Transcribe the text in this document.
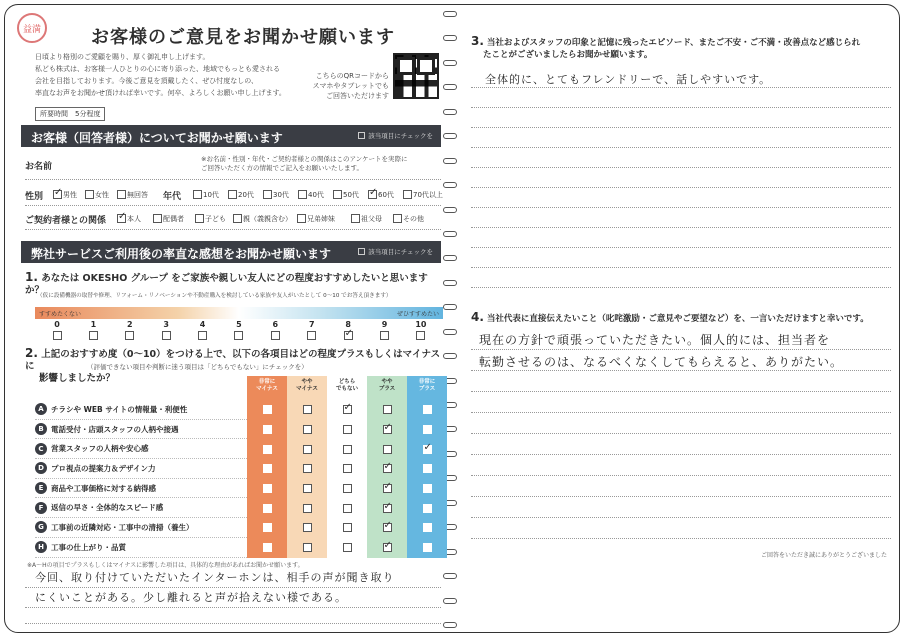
益満	お客様のご意見をお聞かせ願います
日頃より格別のご愛顧を賜り、厚く御礼申し上げます。
私ども株式は、お客様一人ひとりの心に寄り添った、地域でもっとも愛される
会社を目指しております。今後ご意見を頂戴したく、ぜひ忖度なしの、
率直なお声をお聞かせ頂ければ幸いです。何卒、よろしくお願い申し上げます。
所要時間　5分程度
こちらのQRコードから
スマホやタブレットでも
ご回答いただけます
お客様（回答者様）についてお聞かせ願います	該当項目にチェックを
お名前
※お名前・性別・年代・ご契約者様との関係はこのアンケートを実際に
ご回答いただく方の情報でご記入をお願いいたします。
性別	年代
ご契約者様との関係
弊社サービスご利用後の率直な感想をお聞かせ願います	該当項目にチェックを
1. あなたは OKESHO グループ をご家族や親しい友人にどの程度おすすめしたいと思いますか？
（仮に設備機器の取替や修理、リフォーム・リノベーションや不動産購入を検討している家族や友人がいたとして 0〜10 でお答え頂きます）
すすめたくない	ぜひすすめたい
0	1	2	3	4	5	6	7	8
✓	9	10
2. 上記のおすすめ度（0〜10）をつける上で、以下の各項目はどの程度プラスもしくはマイナスに
影響しましたか？
（評価できない項目や判断に迷う項目は「どちらでもない」にチェックを）
非常に
マイナス
やや
マイナス
どちら
でもない
やや
プラス
非常に
プラス
A チラシや WEB サイトの情報量・利便性
✓
B 電話受付・店頭スタッフの人柄や接遇
✓
C 営業スタッフの人柄や安心感
✓
D プロ視点の提案力＆デザイン力
✓
E	商品や工事価格に対する納得感
✓
F	返信の早さ・全体的なスピード感
✓
G 工事前の近隣対応・工事中の清掃（養生）
✓
H 工事の仕上がり・品質
✓
※A〜Hの項目でプラスもしくはマイナスに影響した項目は、具体的な理由があればお聞かせ願います。
今回、取り付けていただいたインターホンは、相手の声が聞き取り
にくいことがある。少し離れると声が拾えない様である。
✓男性	女性	無回答	10代	20代	30代	40代	50代
✓	60代	70代以上
✓本人	配偶者	子ども	親（義親含む）	兄弟姉妹	祖父母	その他
3. 当社およびスタッフの印象と記憶に残ったエピソード、またご不安・ご不満・改善点など感じられ
たことがございましたらお聞かせ願います。
全体的に、とてもフレンドリーで、話しやすいです。
4. 当社代表に直接伝えたいこと（叱咤激励・ご意見やご要望など）を、一言いただけますと幸いです。
現在の方針で頑張っていただきたい。個人的には、担当者を
転勤させるのは、なるべくなくしてもらえると、ありがたい。
ご回答をいただき誠にありがとうございました
